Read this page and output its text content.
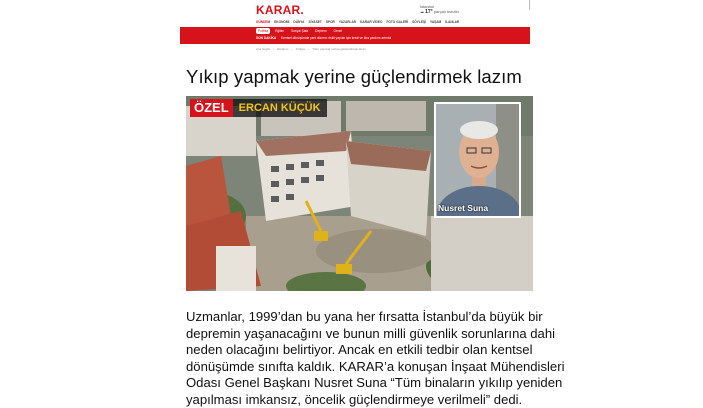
KARAR.	İstanbul
☁ 17° parçalı bulutlu
GÜNDEM EKONOMİ DÜNYA SİYASET SPOR YAZARLAR KARAR VİDEO FOTO GALERİ SÖYLEŞİ YAŞAM İLANLAR
Politika	Eğitim	Sosyal Şafa	Deprem	Genel
SON DAKİKA Kentsel dönüşümde yeni dönem: riskli yapılar için kredi ve kira yardımı artırıldı
Ana Sayfa › Gündem › Türkiye › Yıkıp yapmak yerine güçlendirmek lazım
Yıkıp yapmak yerine güçlendirmek lazım
ÖZEL ERCAN KÜÇÜK
Nusret Suna
Uzmanlar, 1999’dan bu yana her fırsatta İstanbul’da büyük bir
depremin yaşanacağını ve bunun milli güvenlik sorunlarına dahi
neden olacağını belirtiyor. Ancak en etkili tedbir olan kentsel
dönüşümde sınıfta kaldık. KARAR’a konuşan İnşaat Mühendisleri
Odası Genel Başkanı Nusret Suna “Tüm binaların yıkılıp yeniden
yapılması imkansız, öncelik güçlendirmeye verilmeli” dedi.
